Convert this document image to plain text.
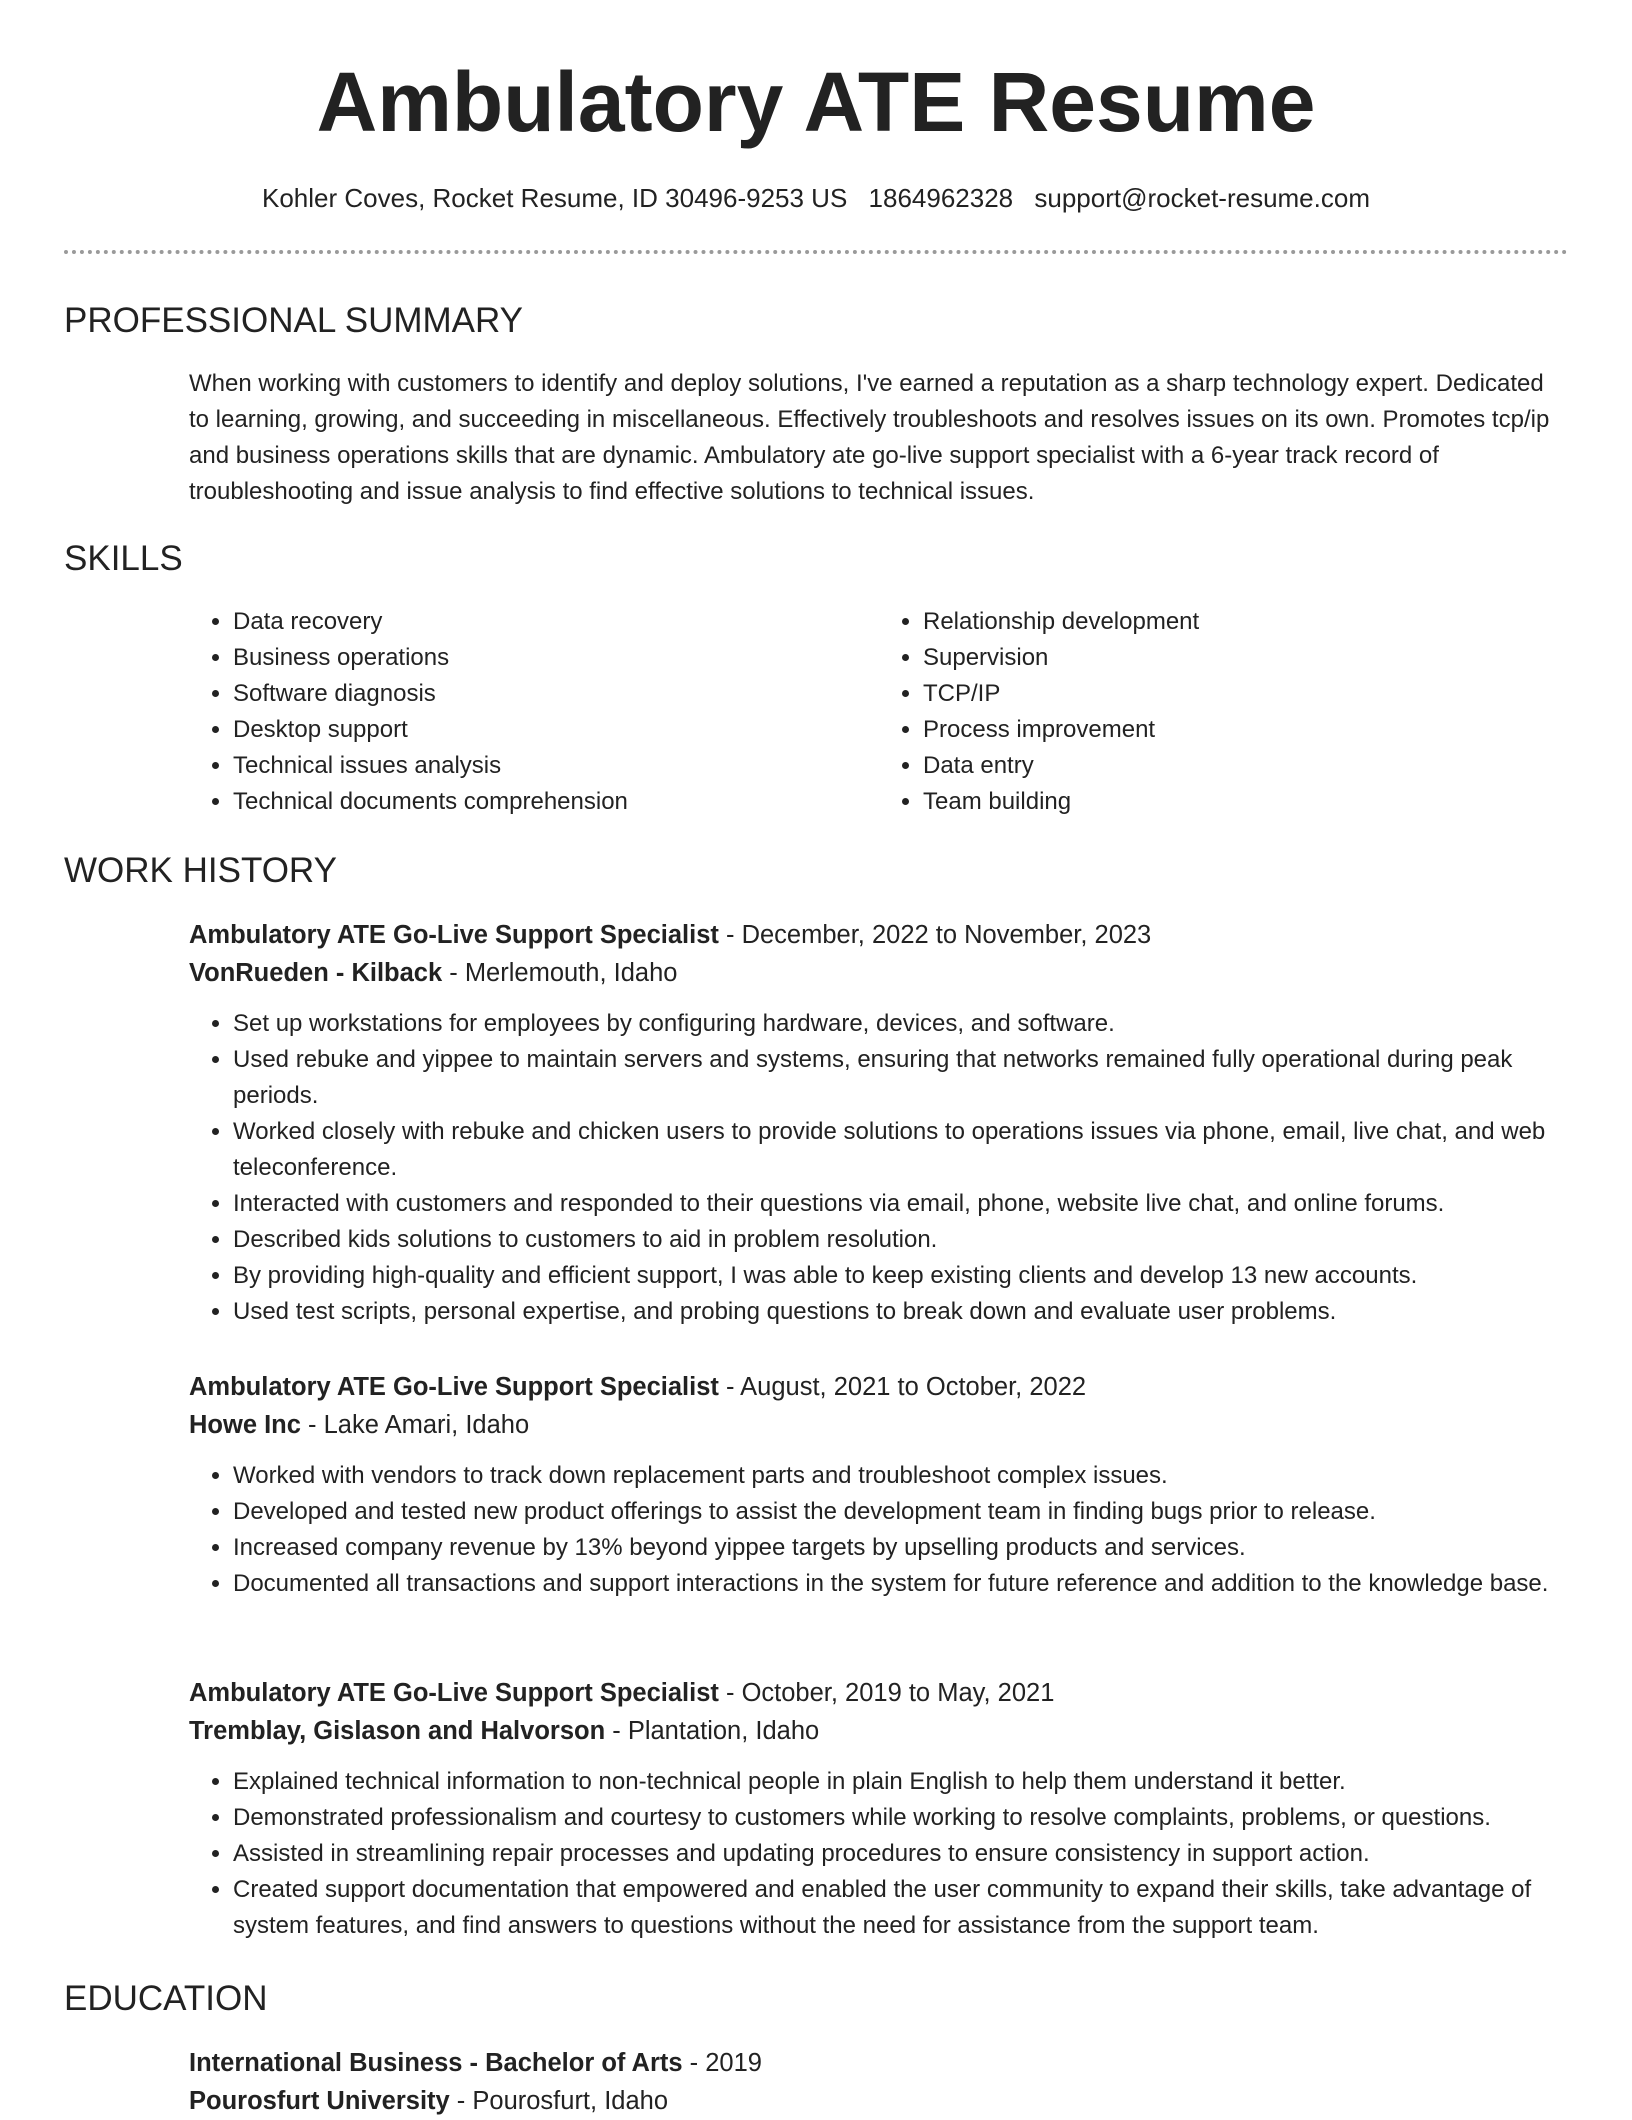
Ambulatory ATE Resume
Kohler Coves, Rocket Resume, ID 30496-9253 US 1864962328 support@rocket-resume.com
PROFESSIONAL SUMMARY

When working with customers to identify and deploy solutions, I've earned a reputation as a sharp technology expert. Dedicated to learning, growing, and succeeding in miscellaneous. Effectively troubleshoots and resolves issues on its own. Promotes tcp/ip and business operations skills that are dynamic. Ambulatory ate go-live support specialist with a 6-year track record of troubleshooting and issue analysis to find effective solutions to technical issues.

SKILLS
• Data recovery
• Business operations
• Software diagnosis
• Desktop support
• Technical issues analysis
• Technical documents comprehension
• Relationship development
• Supervision
• TCP/IP
• Process improvement
• Data entry
• Team building
WORK HISTORY
Ambulatory ATE Go-Live Support Specialist - December, 2022 to November, 2023
VonRueden - Kilback - Merlemouth, Idaho
• Set up workstations for employees by configuring hardware, devices, and software.
• Used rebuke and yippee to maintain servers and systems, ensuring that networks remained fully operational during peak periods.
• Worked closely with rebuke and chicken users to provide solutions to operations issues via phone, email, live chat, and web teleconference.
• Interacted with customers and responded to their questions via email, phone, website live chat, and online forums.
• Described kids solutions to customers to aid in problem resolution.
• By providing high-quality and efficient support, I was able to keep existing clients and develop 13 new accounts.
• Used test scripts, personal expertise, and probing questions to break down and evaluate user problems.
Ambulatory ATE Go-Live Support Specialist - August, 2021 to October, 2022
Howe Inc - Lake Amari, Idaho
• Worked with vendors to track down replacement parts and troubleshoot complex issues.
• Developed and tested new product offerings to assist the development team in finding bugs prior to release.
• Increased company revenue by 13% beyond yippee targets by upselling products and services.
• Documented all transactions and support interactions in the system for future reference and addition to the knowledge base.
Ambulatory ATE Go-Live Support Specialist - October, 2019 to May, 2021
Tremblay, Gislason and Halvorson - Plantation, Idaho
• Explained technical information to non-technical people in plain English to help them understand it better.
• Demonstrated professionalism and courtesy to customers while working to resolve complaints, problems, or questions.
• Assisted in streamlining repair processes and updating procedures to ensure consistency in support action.
• Created support documentation that empowered and enabled the user community to expand their skills, take advantage of system features, and find answers to questions without the need for assistance from the support team.
EDUCATION
International Business - Bachelor of Arts - 2019
Pourosfurt University - Pourosfurt, Idaho
